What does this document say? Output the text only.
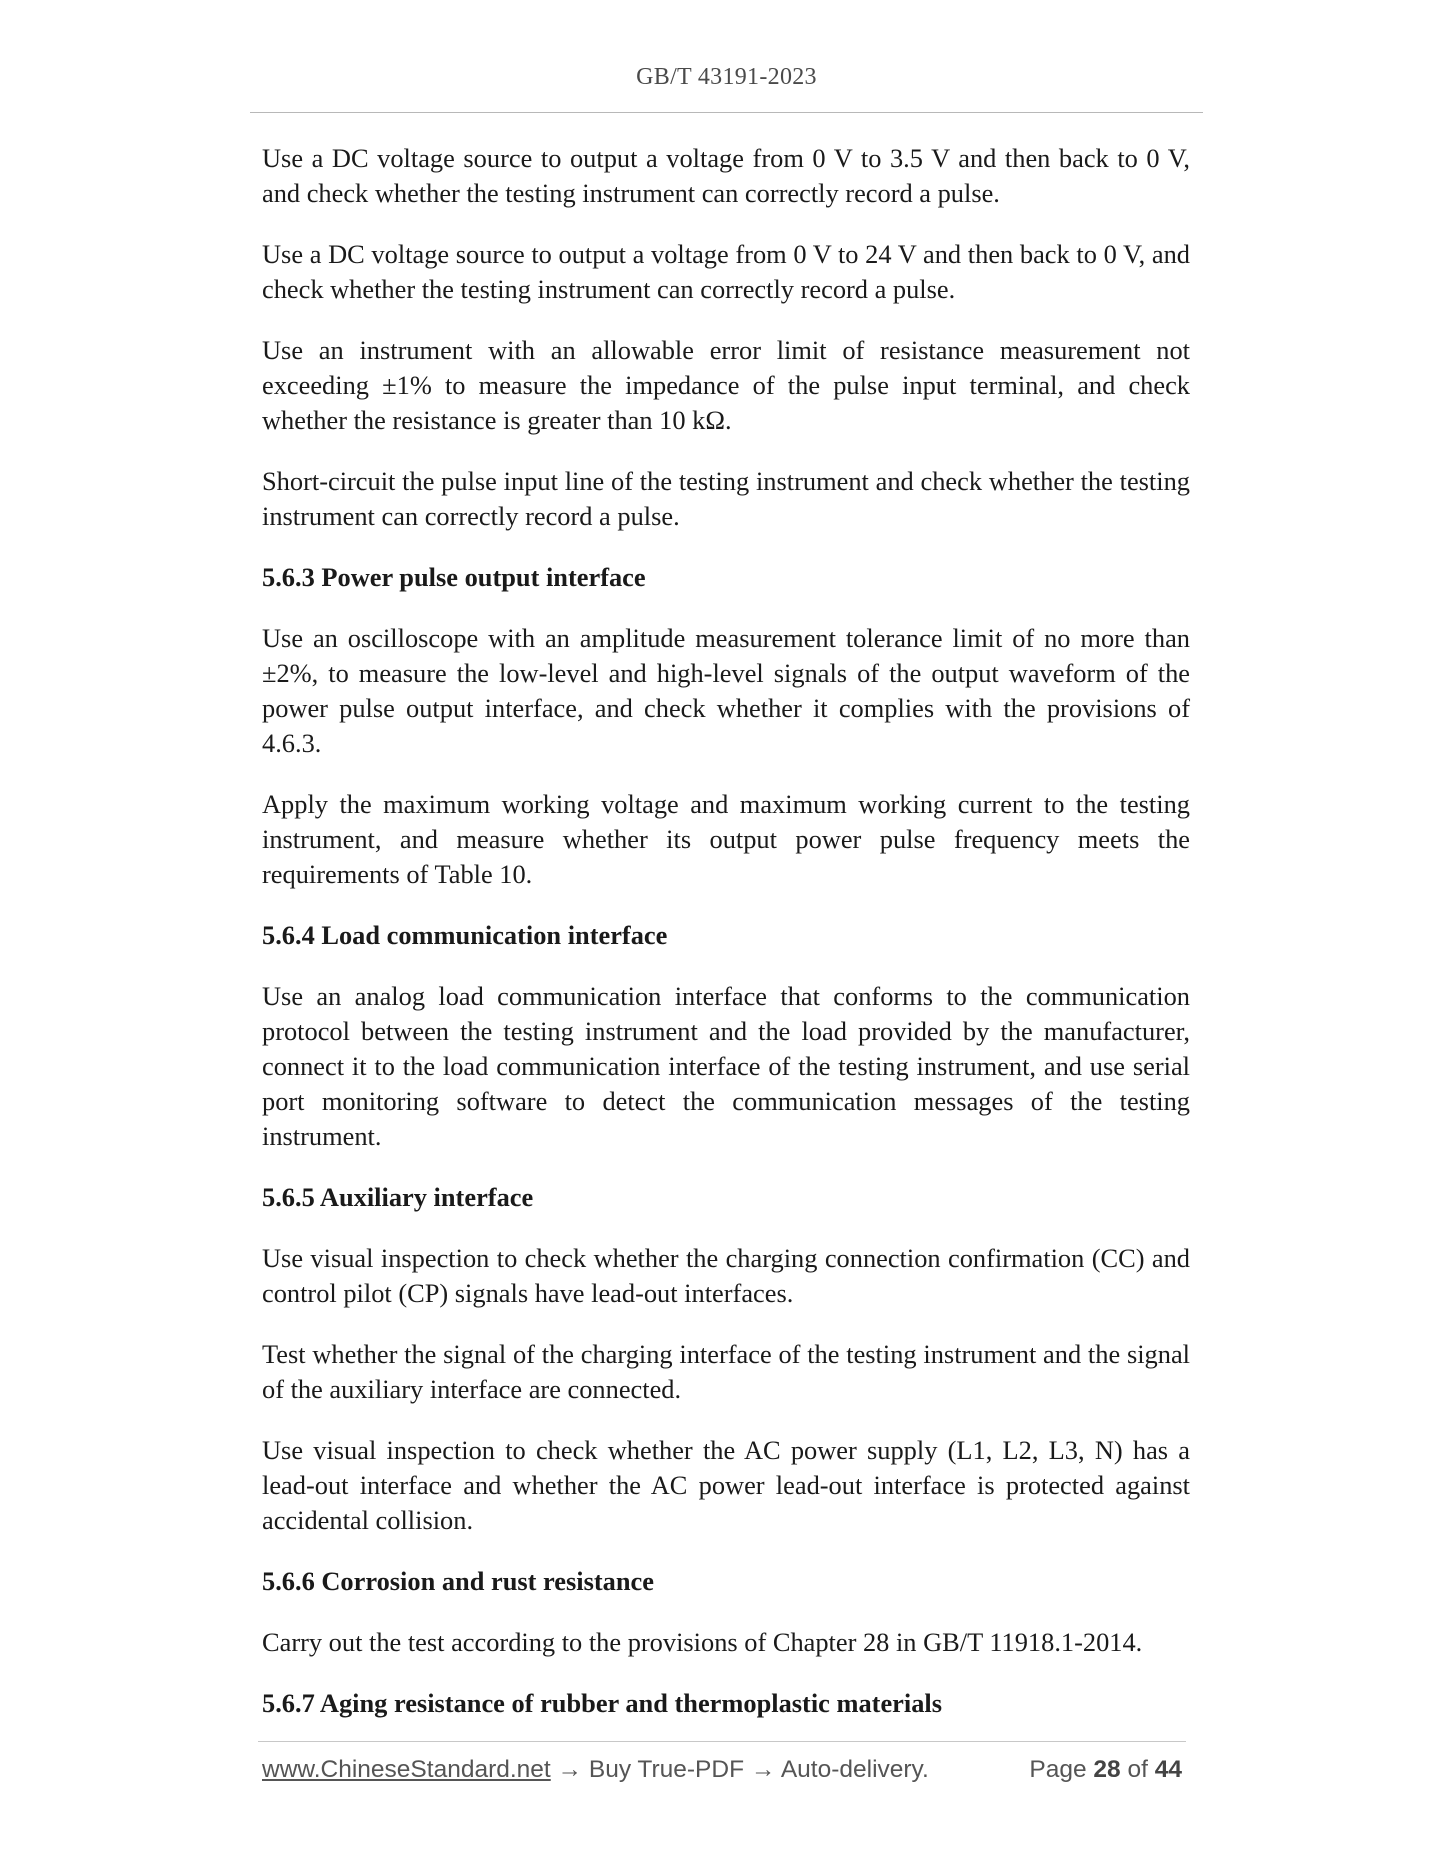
GB/T 43191-2023

Use a DC voltage source to output a voltage from 0 V to 3.5 V and then back to 0 V, and check whether the testing instrument can correctly record a pulse.

Use a DC voltage source to output a voltage from 0 V to 24 V and then back to 0 V, and check whether the testing instrument can correctly record a pulse.

Use an instrument with an allowable error limit of resistance measurement not exceeding ±1% to measure the impedance of the pulse input terminal, and check whether the resistance is greater than 10 kΩ.

Short-circuit the pulse input line of the testing instrument and check whether the testing instrument can correctly record a pulse.

5.6.3 Power pulse output interface

Use an oscilloscope with an amplitude measurement tolerance limit of no more than ±2%, to measure the low-level and high-level signals of the output waveform of the power pulse output interface, and check whether it complies with the provisions of 4.6.3.

Apply the maximum working voltage and maximum working current to the testing instrument, and measure whether its output power pulse frequency meets the requirements of Table 10.

5.6.4 Load communication interface

Use an analog load communication interface that conforms to the communication protocol between the testing instrument and the load provided by the manufacturer, connect it to the load communication interface of the testing instrument, and use serial port monitoring software to detect the communication messages of the testing instrument.

5.6.5 Auxiliary interface

Use visual inspection to check whether the charging connection confirmation (CC) and control pilot (CP) signals have lead-out interfaces.

Test whether the signal of the charging interface of the testing instrument and the signal of the auxiliary interface are connected.

Use visual inspection to check whether the AC power supply (L1, L2, L3, N) has a lead-out interface and whether the AC power lead-out interface is protected against accidental collision.

5.6.6 Corrosion and rust resistance

Carry out the test according to the provisions of Chapter 28 in GB/T 11918.1-2014.

5.6.7 Aging resistance of rubber and thermoplastic materials
www.ChineseStandard.net → Buy True-PDF → Auto-delivery.	Page 28 of 44
